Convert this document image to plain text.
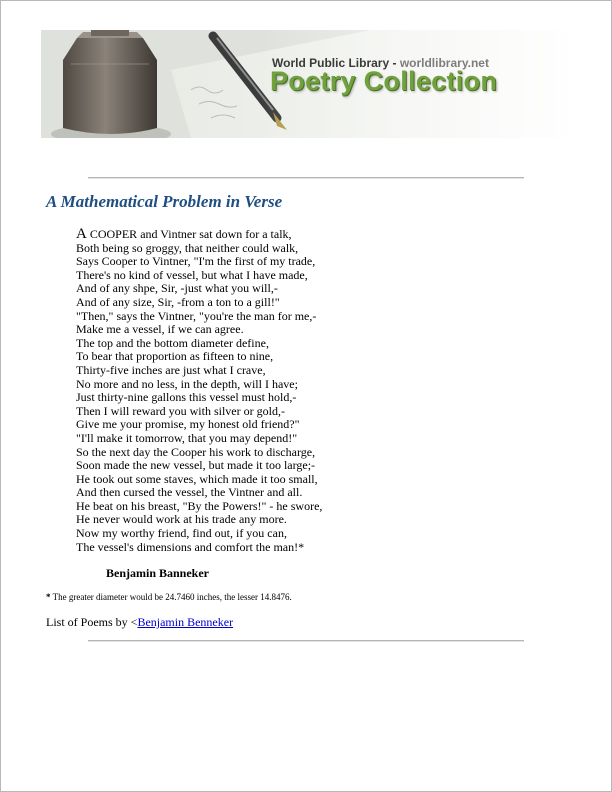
World Public Library - worldlibrary.net
Poetry Collection
A Mathematical Problem in Verse
A COOPER and Vintner sat down for a talk,
Both being so groggy, that neither could walk,
Says Cooper to Vintner, "I'm the first of my trade,
There's no kind of vessel, but what I have made,
And of any shpe, Sir, -just what you will,-
And of any size, Sir, -from a ton to a gill!"
"Then," says the Vintner, "you're the man for me,-
Make me a vessel, if we can agree.
The top and the bottom diameter define,
To bear that proportion as fifteen to nine,
Thirty-five inches are just what I crave,
No more and no less, in the depth, will I have;
Just thirty-nine gallons this vessel must hold,-
Then I will reward you with silver or gold,-
Give me your promise, my honest old friend?"
"I'll make it tomorrow, that you may depend!"
So the next day the Cooper his work to discharge,
Soon made the new vessel, but made it too large;-
He took out some staves, which made it too small,
And then cursed the vessel, the Vintner and all.
He beat on his breast, "By the Powers!" - he swore,
He never would work at his trade any more.
Now my worthy friend, find out, if you can,
The vessel's dimensions and comfort the man!*
Benjamin Banneker
* The greater diameter would be 24.7460 inches, the lesser 14.8476.
List of Poems by <Benjamin Benneker
